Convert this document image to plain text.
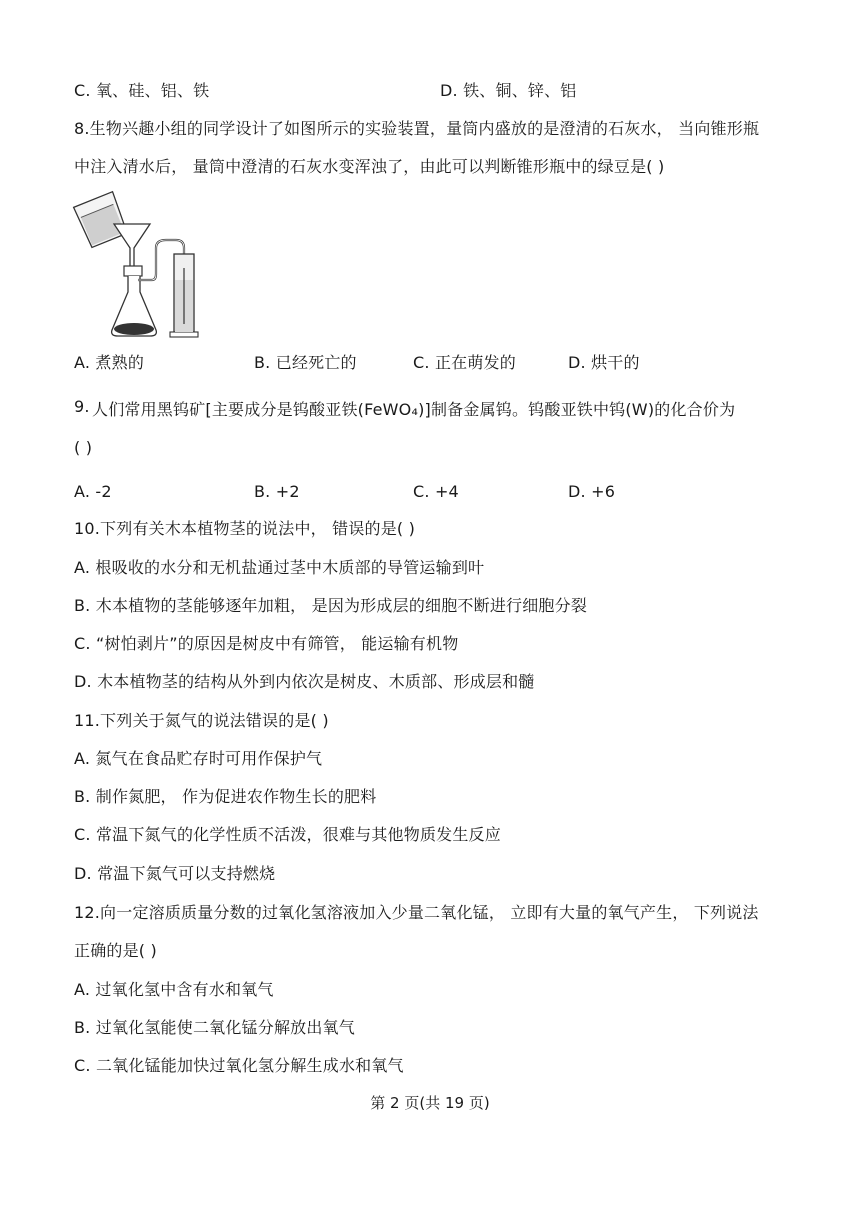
C. 氧、硅、铝、铁	D. 铁、铜、锌、铝
8.生物兴趣小组的同学设计了如图所示的实验装置，量筒内盛放的是澄清的石灰水， 当向锥形瓶
中注入清水后， 量筒中澄清的石灰水变浑浊了，由此可以判断锥形瓶中的绿豆是( )
A. 煮熟的	B. 已经死亡的	C. 正在萌发的	D. 烘干的
9. 人们常用黑钨矿[主要成分是钨酸亚铁(FeWO₄)]制备金属钨。钨酸亚铁中钨(W)的化合价为
( )
A. -2	B. +2	C. +4	D. +6
10.下列有关木本植物茎的说法中， 错误的是( )
A. 根吸收的水分和无机盐通过茎中木质部的导管运输到叶
B. 木本植物的茎能够逐年加粗， 是因为形成层的细胞不断进行细胞分裂
C. “树怕剥片”的原因是树皮中有筛管， 能运输有机物
D. 木本植物茎的结构从外到内依次是树皮、木质部、形成层和髓
11.下列关于氮气的说法错误的是( )
A. 氮气在食品贮存时可用作保护气
B. 制作氮肥， 作为促进农作物生长的肥料
C. 常温下氮气的化学性质不活泼，很难与其他物质发生反应
D. 常温下氮气可以支持燃烧
12.向一定溶质质量分数的过氧化氢溶液加入少量二氧化锰， 立即有大量的氧气产生， 下列说法
正确的是( )
A. 过氧化氢中含有水和氧气
B. 过氧化氢能使二氧化锰分解放出氧气
C. 二氧化锰能加快过氧化氢分解生成水和氧气
第 2 页(共 19 页)
